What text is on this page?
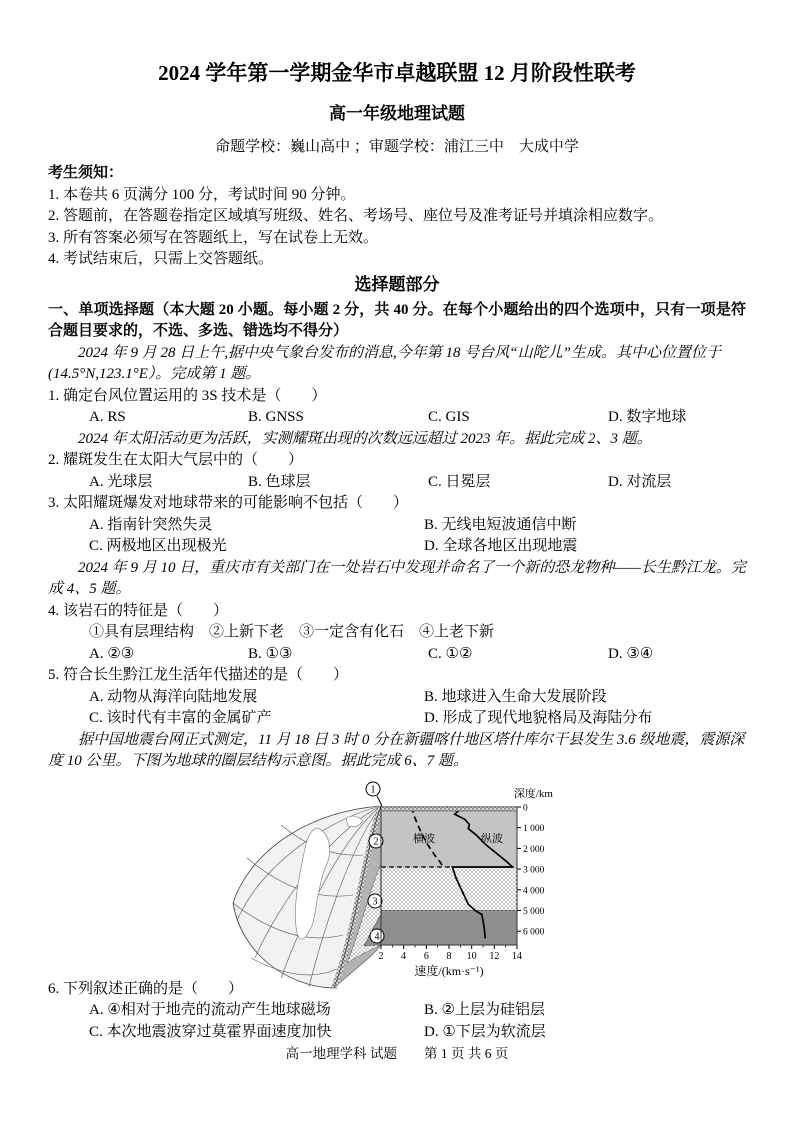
2024 学年第一学期金华市卓越联盟 12 月阶段性联考
高一年级地理试题

命题学校：巍山高中 ；审题学校：浦江三中　大成中学

考生须知：

1. 本卷共 6 页满分 100 分，考试时间 90 分钟。

2. 答题前，在答题卷指定区域填写班级、姓名、考场号、座位号及准考证号并填涂相应数字。

3. 所有答案必须写在答题纸上，写在试卷上无效。

4. 考试结束后，只需上交答题纸。

选择题部分

一、单项选择题（本大题 20 小题。每小题 2 分，共 40 分。在每个小题给出的四个选项中，只有一项是符合题目要求的，不选、多选、错选均不得分）

2024 年 9 月 28 日上午,据中央气象台发布的消息,今年第 18 号台风“山陀儿”生成。其中心位置位于(14.5°N,123.1°E）。完成第 1 题。

1. 确定台风位置运用的 3S 技术是（　　）

A. RS	B. GNSS	C. GIS	D. 数字地球

2024 年太阳活动更为活跃，实测耀斑出现的次数远远超过 2023 年。据此完成 2、3 题。

2. 耀斑发生在太阳大气层中的（　　）

A. 光球层	B. 色球层	C. 日冕层	D. 对流层

3. 太阳耀斑爆发对地球带来的可能影响不包括（　　）

A. 指南针突然失灵	B. 无线电短波通信中断
C. 两极地区出现极光	D. 全球各地区出现地震

2024 年 9 月 10 日，重庆市有关部门在一处岩石中发现并命名了一个新的恐龙物种——长生黔江龙。完成 4、5 题。

4. 该岩石的特征是（　　）

①具有层理结构　②上新下老　③一定含有化石　④上老下新

A. ②③	B. ①③	C. ①②	D. ③④

5. 符合长生黔江龙生活年代描述的是（　　）

A. 动物从海洋向陆地发展	B. 地球进入生命大发展阶段
C. 该时代有丰富的金属矿产	D. 形成了现代地貌格局及海陆分布

据中国地震台网正式测定，11 月 18 日 3 时 0 分在新疆喀什地区塔什库尔干县发生 3.6 级地震，震源深度 10 公里。下图为地球的圈层结构示意图。据此完成 6、7 题。

2 4 6 8 10 12 14
0
1 000
2 000
3 000
4 000
5 000
6 000
1
2
3
4
深度/km
速度/(km·s⁻¹)
横波	纵波

6. 下列叙述正确的是（　　）

A. ④相对于地壳的流动产生地球磁场	B. ②上层为硅铝层
C. 本次地震波穿过莫霍界面速度加快	D. ①下层为软流层
高一地理学科 试题 第 1 页 共 6 页
